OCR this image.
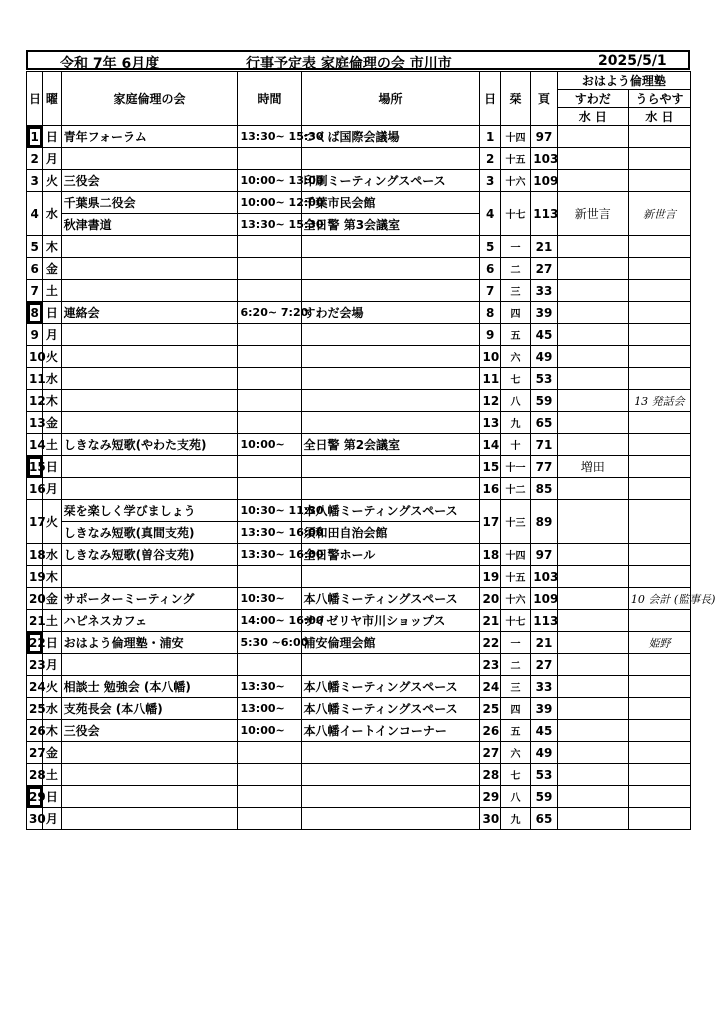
令和 7年 6月度	行事予定表 家庭倫理の会 市川市	2025/5/1
日	曜	家庭倫理の会	時間	場所	日	栞	頁	おはよう倫理塾	
								すわだ	うらやす
								水 日	水 日
1	日	青年フォーラム	13:30~ 15:30	つくば国際会議場	1	十四	97		
2	月				2	十五	103		
3	火	三役会	10:00~ 13:00	印刷ミーティングスペース	3	十六	109		
4	水	千葉県二役会	10:00~ 12:00	千葉市民会館	4	十七	113	新世言	新世言
		秋津書道	13:30~ 15:30	全日警 第3会議室					
5	木				5	一	21		
6	金				6	二	27		
7	土				7	三	33		
8	日	連絡会	6:20~ 7:20	すわだ会場	8	四	39		
9	月				9	五	45		
10	火				10	六	49		
11	水				11	七	53		
12	木				12	八	59		13 発話会
13	金				13	九	65		
14	土	しきなみ短歌(やわた支苑)	10:00~	全日警 第2会議室	14	十	71		
15	日				15	十一	77	増田	
16	月				16	十二	85		
17	火	栞を楽しく学びましょう	10:30~ 11:30	本八幡ミーティングスペース	17	十三	89		
		しきなみ短歌(真間支苑)	13:30~ 16:00	須和田自治会館					
18	水	しきなみ短歌(曽谷支苑)	13:30~ 16:00	全日警ホール	18	十四	97		
19	木				19	十五	103		
20	金	サポーターミーティング	10:30~	本八幡ミーティングスペース	20	十六	109		10 会計 (監事長)
21	土	ハピネスカフェ	14:00~ 16:00	サイゼリヤ市川ショップス	21	十七	113		
22	日	おはよう倫理塾・浦安	5:30 ~6:00	浦安倫理会館	22	一	21		姫野
23	月				23	二	27		
24	火	相談士 勉強会 (本八幡)	13:30~	本八幡ミーティングスペース	24	三	33		
25	水	支苑長会 (本八幡)	13:00~	本八幡ミーティングスペース	25	四	39		
26	木	三役会	10:00~	本八幡イートインコーナー	26	五	45		
27	金				27	六	49		
28	土				28	七	53		
29	日				29	八	59		
30	月				30	九	65		
